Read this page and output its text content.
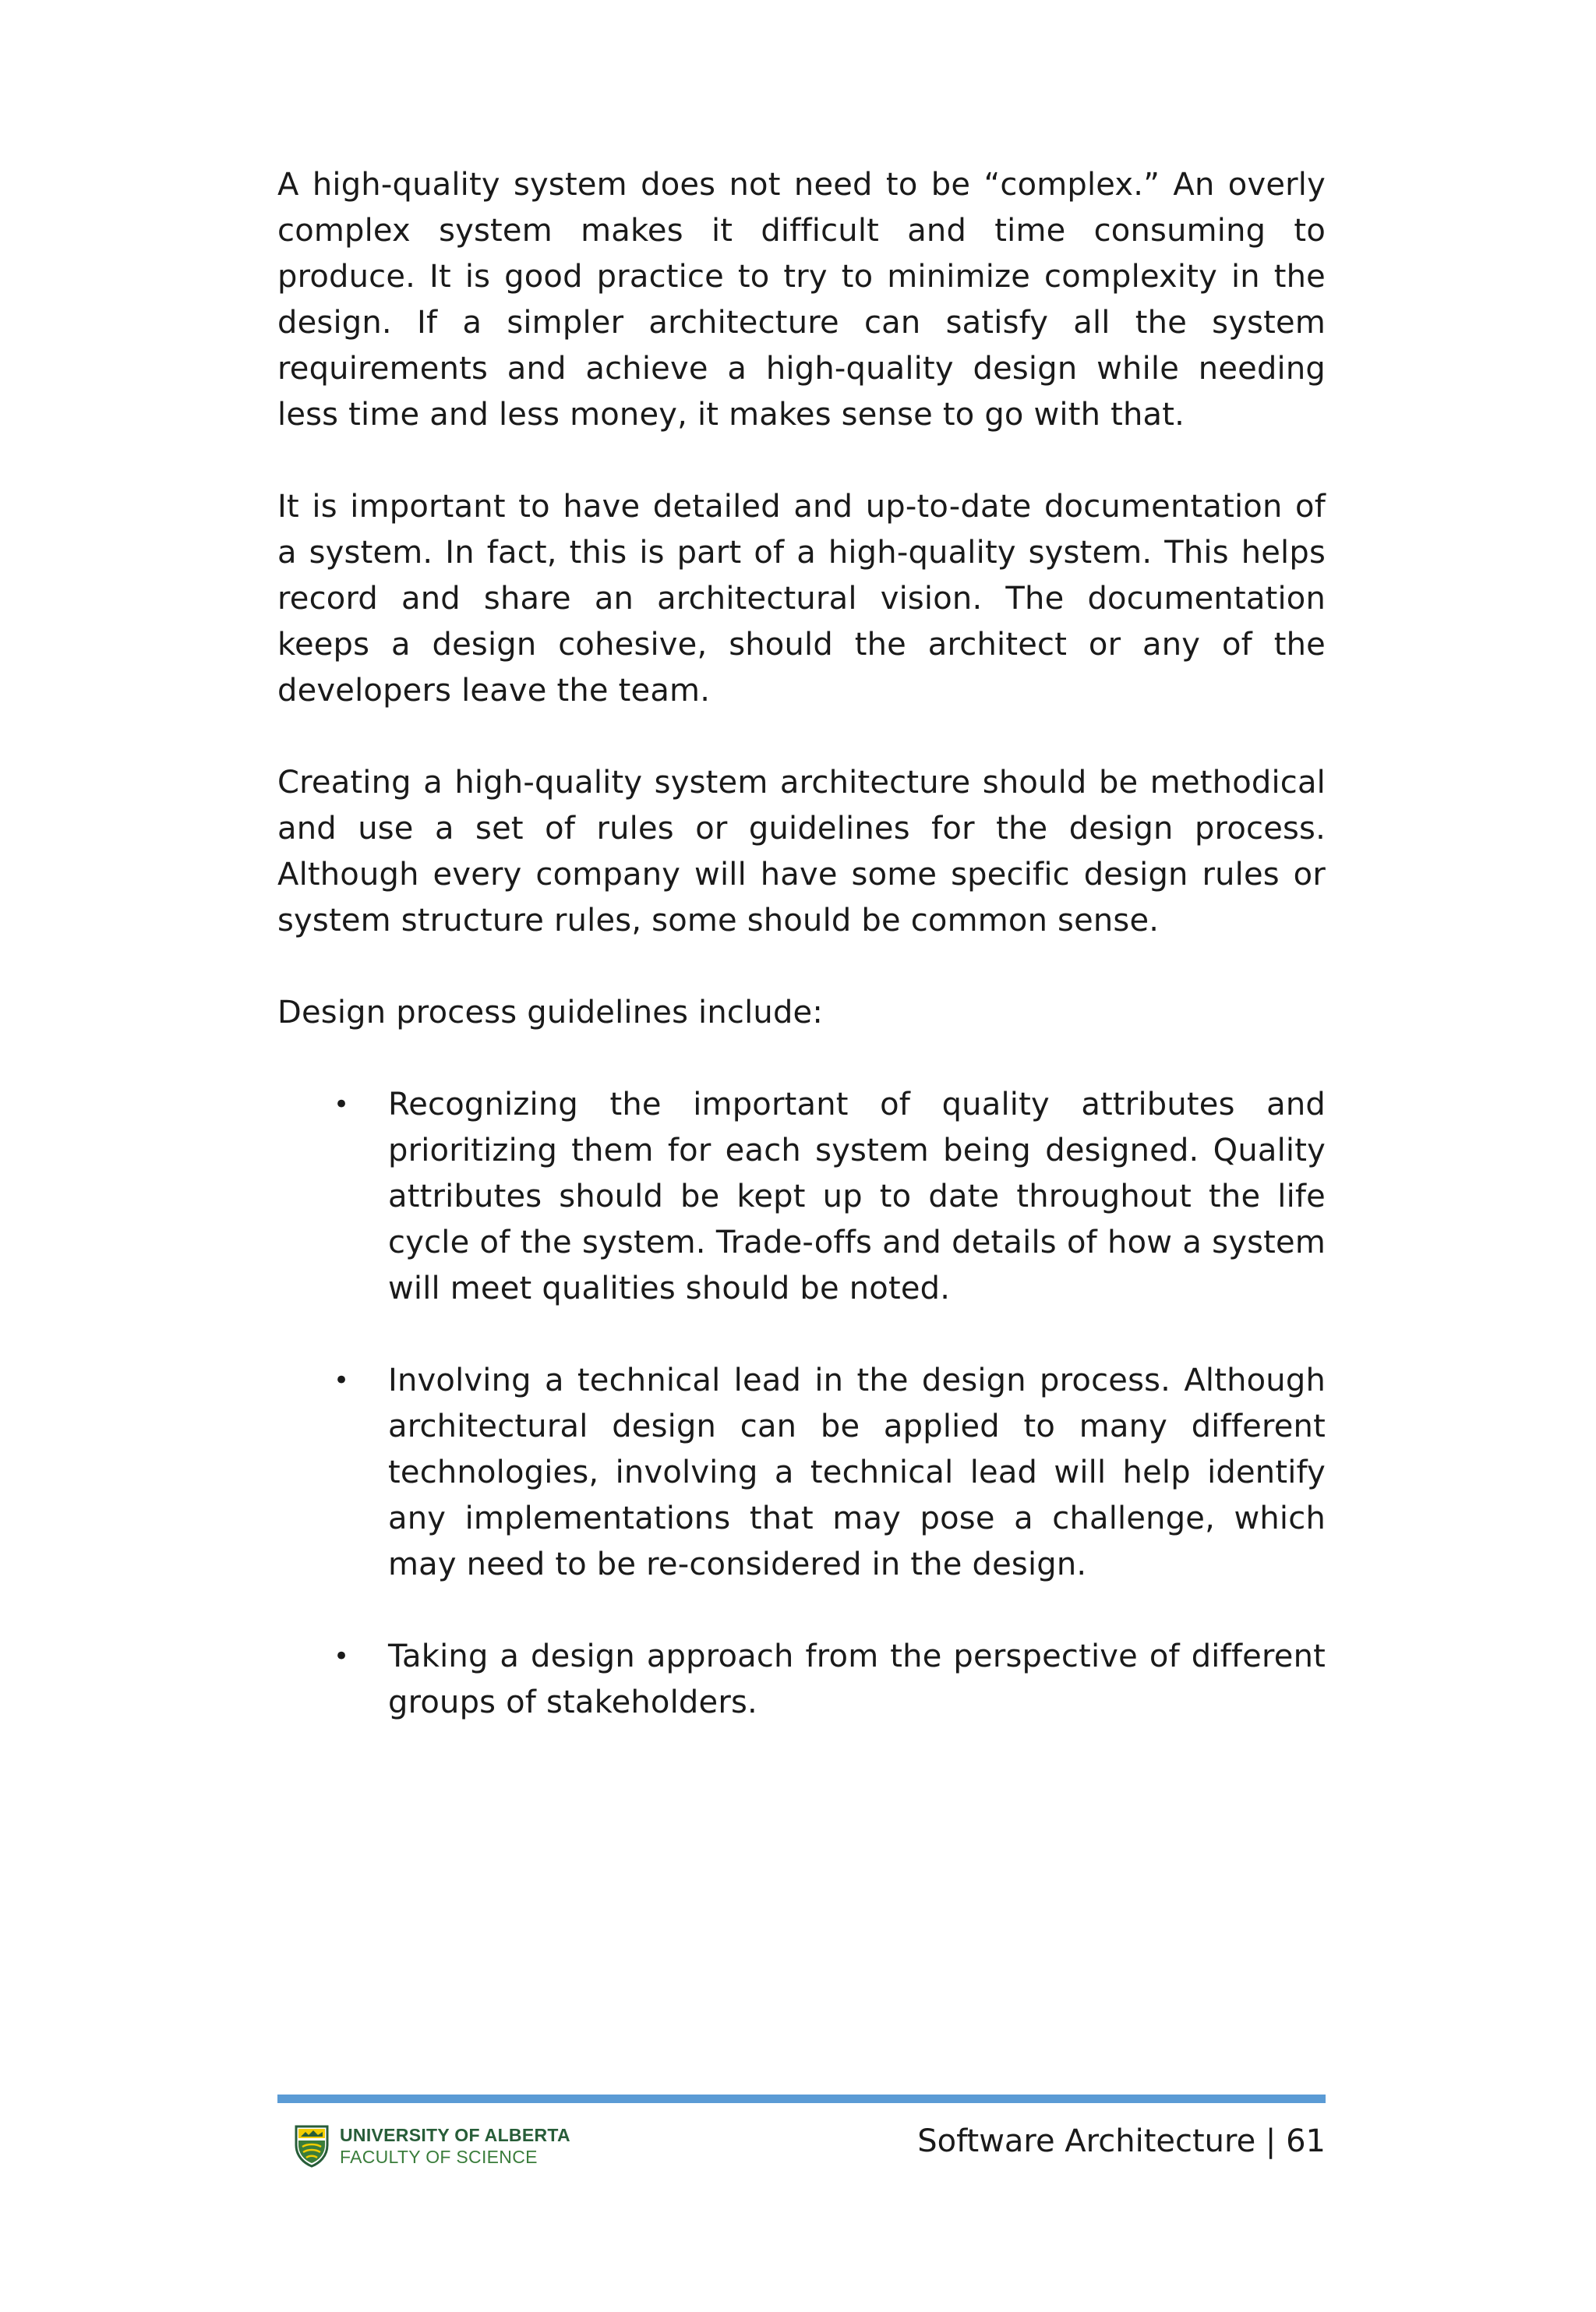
A high-quality system does not need to be “complex.” An overly complex system makes it difficult and time consuming to produce. It is good practice to try to minimize complexity in the design. If a simpler architecture can satisfy all the system requirements and achieve a high-quality design while needing less time and less money, it makes sense to go with that.

It is important to have detailed and up-to-date documentation of a system. In fact, this is part of a high-quality system. This helps record and share an architectural vision. The documentation keeps a design cohesive, should the architect or any of the developers leave the team.

Creating a high-quality system architecture should be methodical and use a set of rules or guidelines for the design process. Although every company will have some specific design rules or system structure rules, some should be common sense.

Design process guidelines include:

• Recognizing the important of quality attributes and prioritizing them for each system being designed. Quality attributes should be kept up to date throughout the life cycle of the system. Trade-offs and details of how a system will meet qualities should be noted.
• Involving a technical lead in the design process. Although architectural design can be applied to many different technologies, involving a technical lead will help identify any implementations that may pose a challenge, which may need to be re-considered in the design.
• Taking a design approach from the perspective of different groups of stakeholders.
UNIVERSITY OF ALBERTA
FACULTY OF SCIENCE	Software Architecture | 61
